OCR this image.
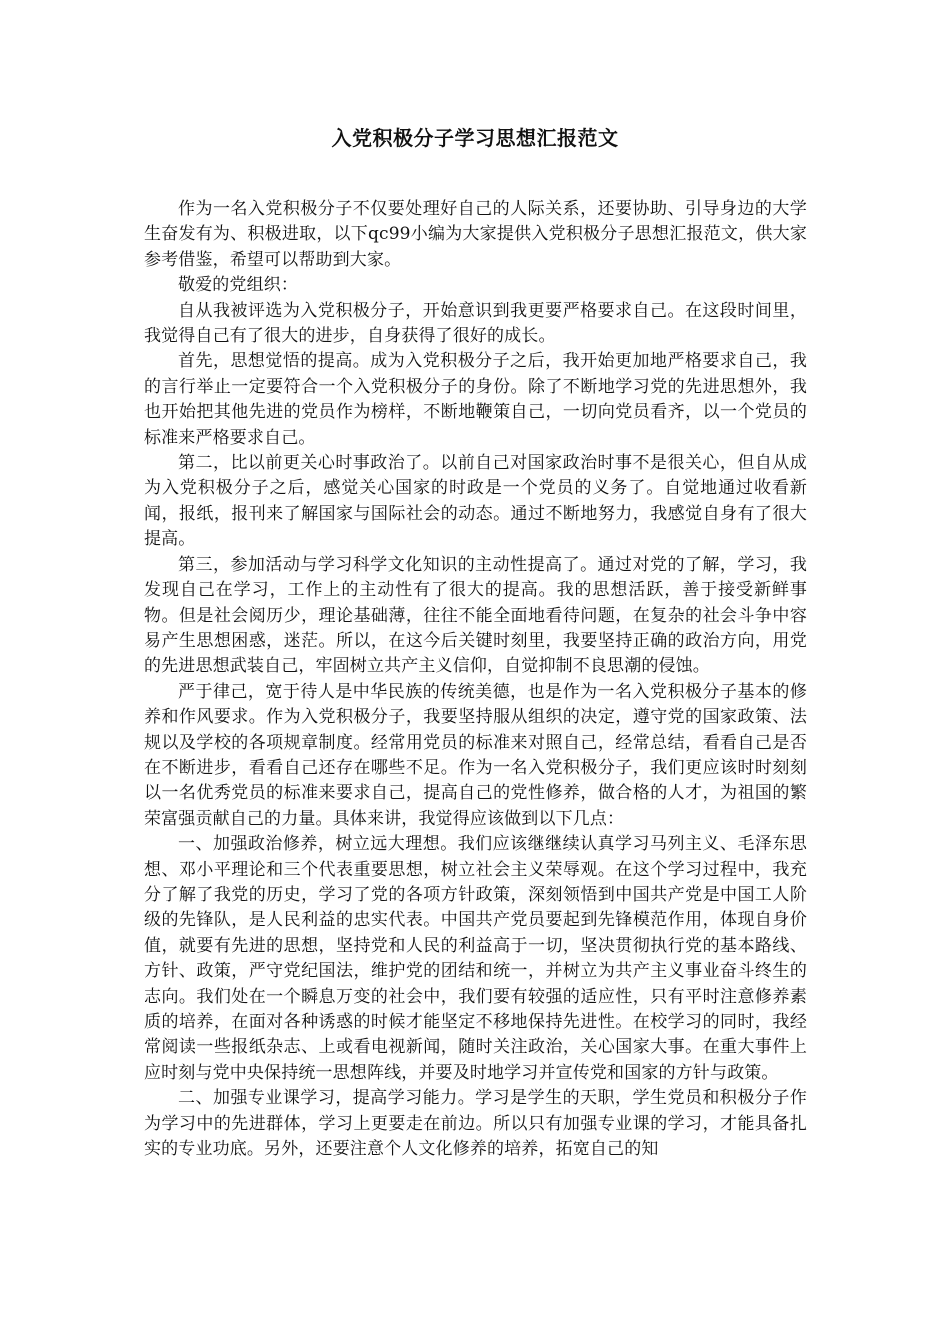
入党积极分子学习思想汇报范文

作为一名入党积极分子不仅要处理好自己的人际关系，还要协助、引导身边的大学生奋发有为、积极进取，以下qc99小编为大家提供入党积极分子思想汇报范文，供大家参考借鉴，希望可以帮助到大家。

敬爱的党组织：

自从我被评选为入党积极分子，开始意识到我更要严格要求自己。在这段时间里，我觉得自己有了很大的进步，自身获得了很好的成长。

首先，思想觉悟的提高。成为入党积极分子之后，我开始更加地严格要求自己，我的言行举止一定要符合一个入党积极分子的身份。除了不断地学习党的先进思想外，我也开始把其他先进的党员作为榜样，不断地鞭策自己，一切向党员看齐，以一个党员的标准来严格要求自己。

第二，比以前更关心时事政治了。以前自己对国家政治时事不是很关心，但自从成为入党积极分子之后，感觉关心国家的时政是一个党员的义务了。自觉地通过收看新闻，报纸，报刊来了解国家与国际社会的动态。通过不断地努力，我感觉自身有了很大提高。

第三，参加活动与学习科学文化知识的主动性提高了。通过对党的了解，学习，我发现自己在学习，工作上的主动性有了很大的提高。我的思想活跃，善于接受新鲜事物。但是社会阅历少，理论基础薄，往往不能全面地看待问题，在复杂的社会斗争中容易产生思想困惑，迷茫。所以，在这今后关键时刻里，我要坚持正确的政治方向，用党的先进思想武装自己，牢固树立共产主义信仰，自觉抑制不良思潮的侵蚀。

严于律己，宽于待人是中华民族的传统美德，也是作为一名入党积极分子基本的修养和作风要求。作为入党积极分子，我要坚持服从组织的决定，遵守党的国家政策、法规以及学校的各项规章制度。经常用党员的标准来对照自己，经常总结，看看自己是否在不断进步，看看自己还存在哪些不足。作为一名入党积极分子，我们更应该时时刻刻以一名优秀党员的标准来要求自己，提高自己的党性修养，做合格的人才，为祖国的繁荣富强贡献自己的力量。具体来讲，我觉得应该做到以下几点：

一、加强政治修养，树立远大理想。我们应该继继续认真学习马列主义、毛泽东思想、邓小平理论和三个代表重要思想，树立社会主义荣辱观。在这个学习过程中，我充分了解了我党的历史，学习了党的各项方针政策，深刻领悟到中国共产党是中国工人阶级的先锋队，是人民利益的忠实代表。中国共产党员要起到先锋模范作用，体现自身价值，就要有先进的思想，坚持党和人民的利益高于一切，坚决贯彻执行党的基本路线、方针、政策，严守党纪国法，维护党的团结和统一，并树立为共产主义事业奋斗终生的志向。我们处在一个瞬息万变的社会中，我们要有较强的适应性，只有平时注意修养素质的培养，在面对各种诱惑的时候才能坚定不移地保持先进性。在校学习的同时，我经常阅读一些报纸杂志、上或看电视新闻，随时关注政治，关心国家大事。在重大事件上应时刻与党中央保持统一思想阵线，并要及时地学习并宣传党和国家的方针与政策。

二、加强专业课学习，提高学习能力。学习是学生的天职，学生党员和积极分子作为学习中的先进群体，学习上更要走在前边。所以只有加强专业课的学习，才能具备扎实的专业功底。另外，还要注意个人文化修养的培养，拓宽自己的知
